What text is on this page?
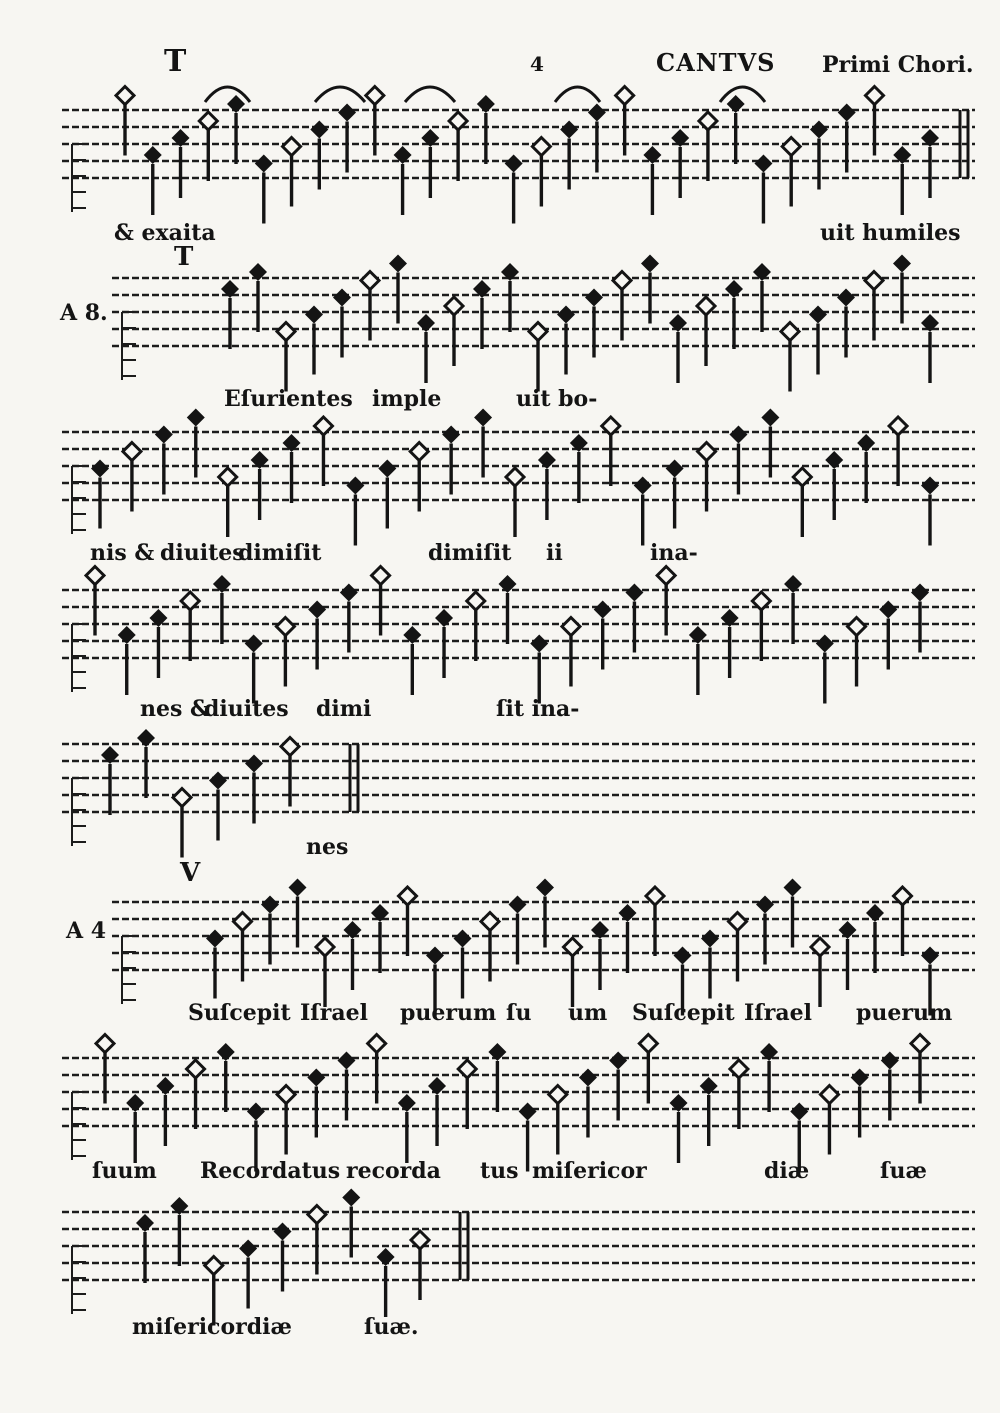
T	4	CANTVS Primi Chori.
T
A 8.
V
A 4
& exaita	uit humiles
Eſurientes imple	uit bo-
nis & diuites
dimiſit	dimiſit ii	ina-
nes &
diuites dimi	ſit ina-
nes
Suſcepit Iſrael puerum ſu um Suſcepit Iſrael puerum
ſuum Recordatus recorda tus miſericor	diæ	ſuæ
miſericordiæ	ſuæ.
